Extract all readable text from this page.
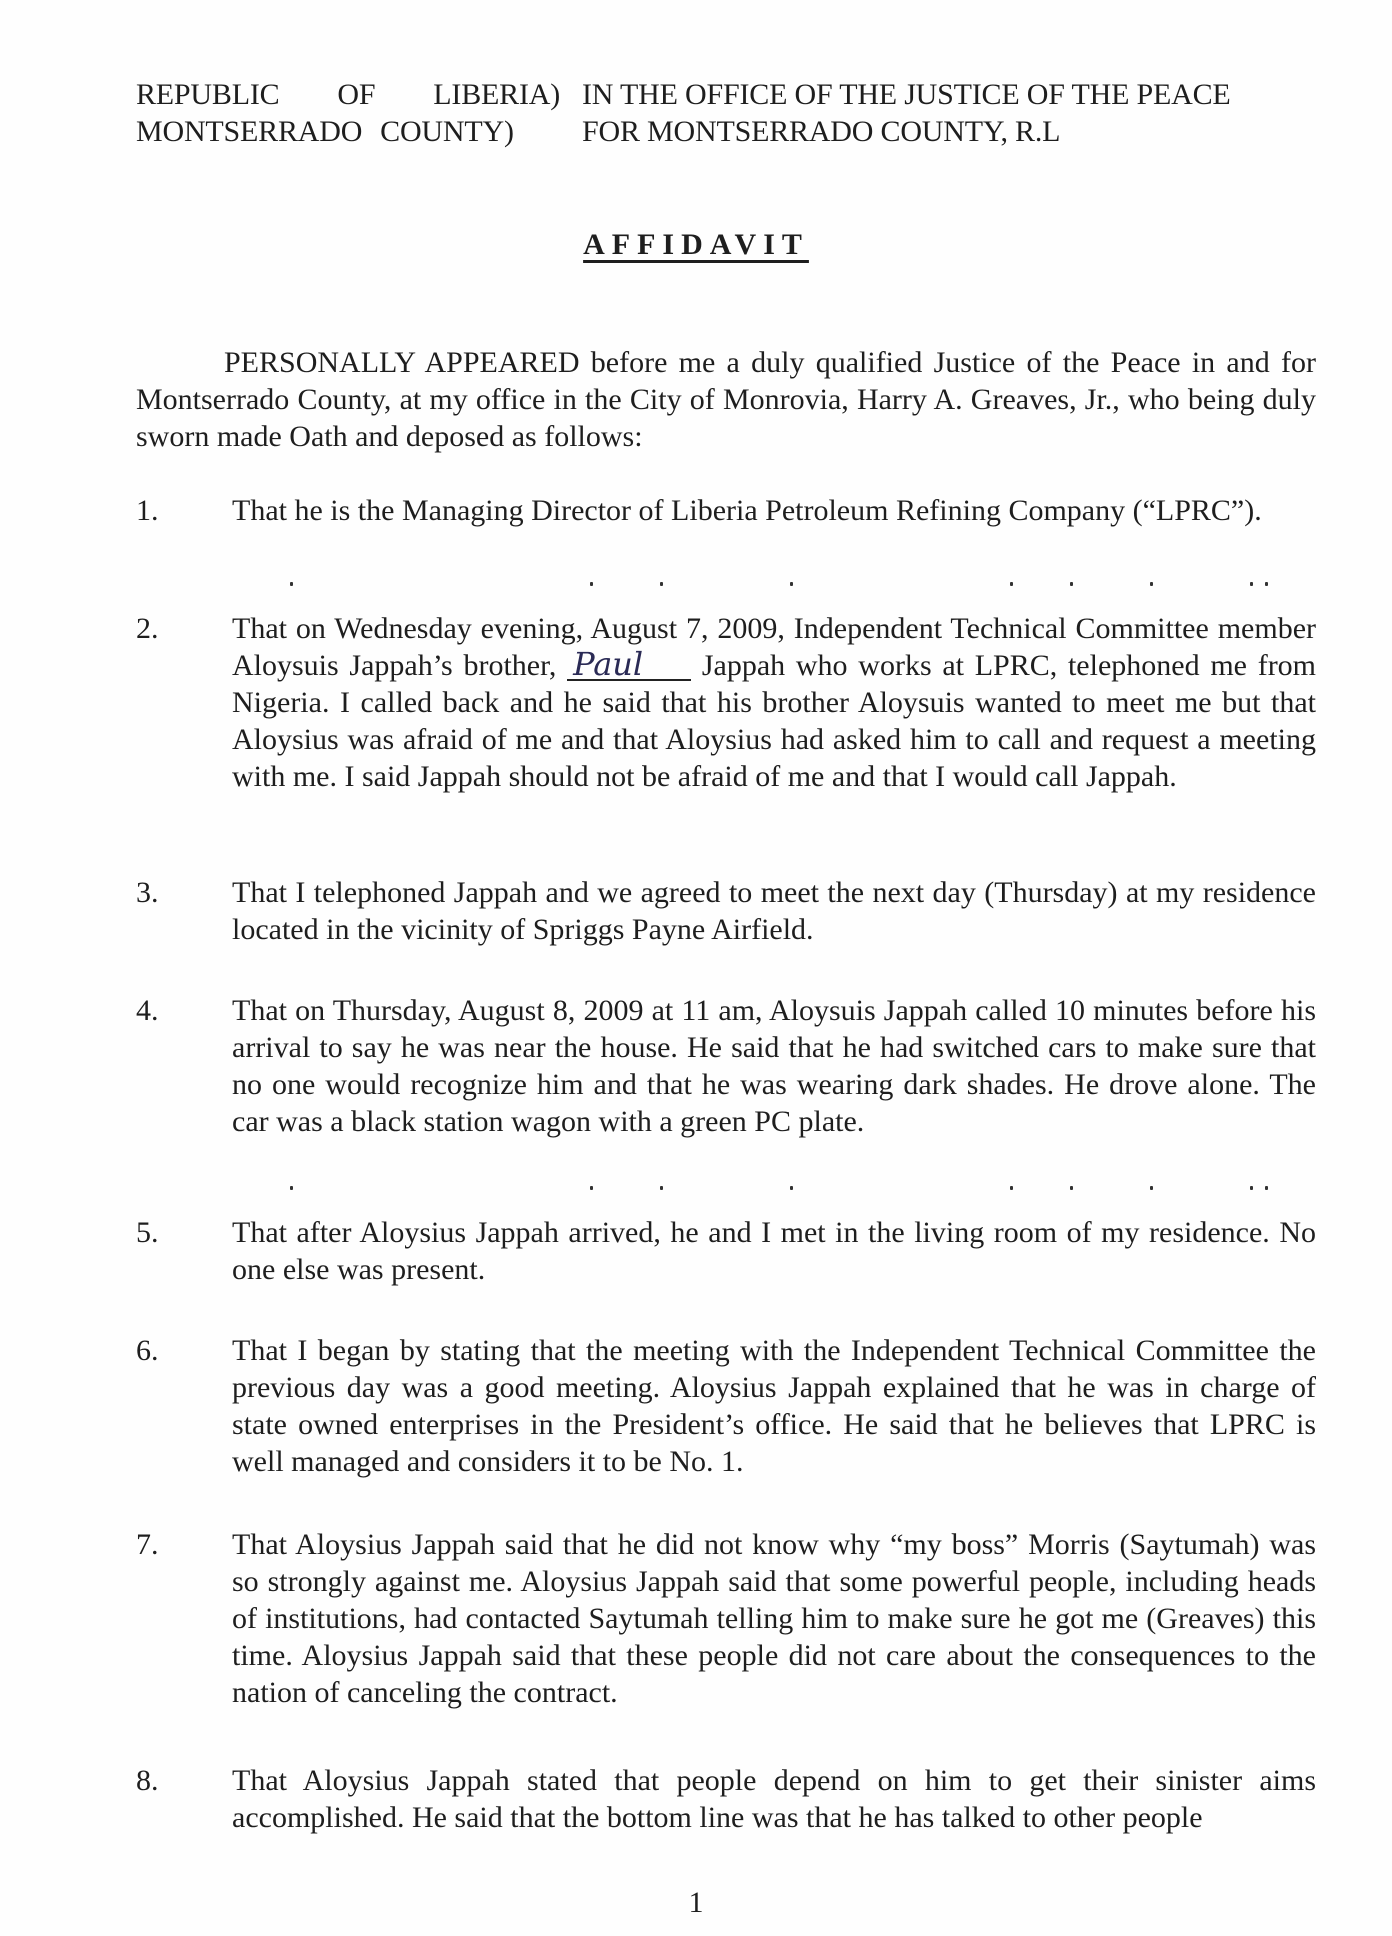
REPUBLIC OF LIBERIA) IN THE OFFICE OF THE JUSTICE OF THE PEACE
MONTSERRADO COUNTY) FOR MONTSERRADO COUNTY, R.L
AFFIDAVIT

PERSONALLY APPEARED before me a duly qualified Justice of the Peace in and for Montserrado County, at my office in the City of Monrovia, Harry A. Greaves, Jr., who being duly sworn made Oath and deposed as follows:

1.	That he is the Managing Director of Liberia Petroleum Refining Company (“LPRC”).

2.	That on Wednesday evening, August 7, 2009, Independent Technical Committee member Aloysuis Jappah’s brother, Paul Jappah who works at LPRC, telephoned me from Nigeria. I called back and he said that his brother Aloysuis wanted to meet me but that Aloysius was afraid of me and that Aloysius had asked him to call and request a meeting with me. I said Jappah should not be afraid of me and that I would call Jappah.

3.	That I telephoned Jappah and we agreed to meet the next day (Thursday) at my residence located in the vicinity of Spriggs Payne Airfield.

4.	That on Thursday, August 8, 2009 at 11 am, Aloysuis Jappah called 10 minutes before his arrival to say he was near the house. He said that he had switched cars to make sure that no one would recognize him and that he was wearing dark shades. He drove alone. The car was a black station wagon with a green PC plate.

5.	That after Aloysius Jappah arrived, he and I met in the living room of my residence. No one else was present.

6.	That I began by stating that the meeting with the Independent Technical Committee the previous day was a good meeting. Aloysius Jappah explained that he was in charge of state owned enterprises in the President’s office. He said that he believes that LPRC is well managed and considers it to be No. 1.

7.	That Aloysius Jappah said that he did not know why “my boss” Morris (Saytumah) was so strongly against me. Aloysius Jappah said that some powerful people, including heads of institutions, had contacted Saytumah telling him to make sure he got me (Greaves) this time. Aloysius Jappah said that these people did not care about the consequences to the nation of canceling the contract.

8.	That Aloysius Jappah stated that people depend on him to get their sinister aims accomplished. He said that the bottom line was that he has talked to other people

1
